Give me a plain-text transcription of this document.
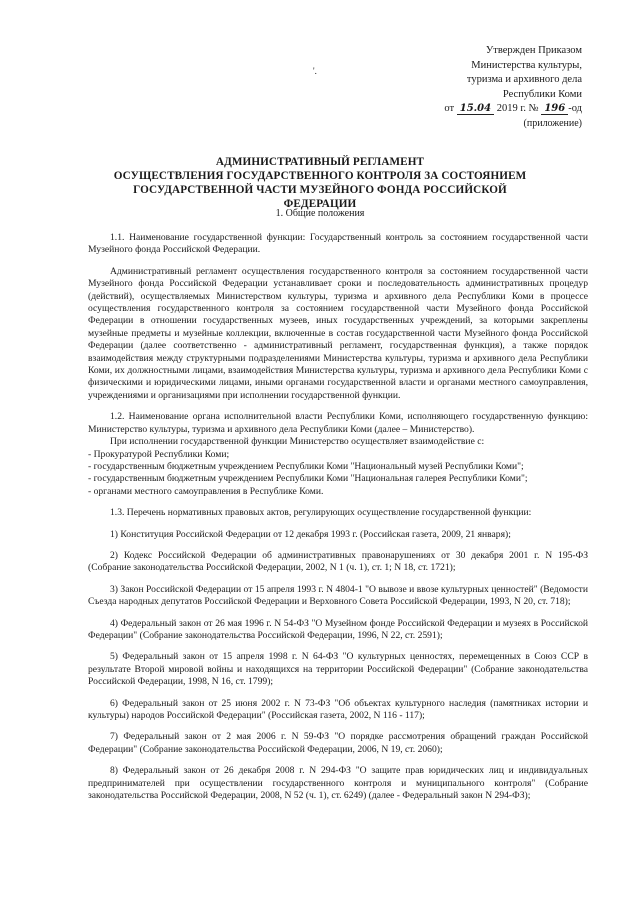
Утвержден Приказом
Министерства культуры,
туризма и архивного дела
Республики Коми
от 15.04 2019 г. № 196 -од
(приложение)
'.
АДМИНИСТРАТИВНЫЙ РЕГЛАМЕНТ
ОСУЩЕСТВЛЕНИЯ ГОСУДАРСТВЕННОГО КОНТРОЛЯ ЗА СОСТОЯНИЕМ
ГОСУДАРСТВЕННОЙ ЧАСТИ МУЗЕЙНОГО ФОНДА РОССИЙСКОЙ ФЕДЕРАЦИИ
1. Общие положения

1.1. Наименование государственной функции: Государственный контроль за состоянием государственной части Музейного фонда Российской Федерации.

Административный регламент осуществления государственного контроля за состоянием государственной части Музейного фонда Российской Федерации устанавливает сроки и последовательность административных процедур (действий), осуществляемых Министерством культуры, туризма и архивного дела Республики Коми в процессе осуществления государственного контроля за состоянием государственной части Музейного фонда Российской Федерации в отношении государственных музеев, иных государственных учреждений, за которыми закреплены музейные предметы и музейные коллекции, включенные в состав государственной части Музейного фонда Российской Федерации (далее соответственно - административный регламент, государственная функция), а также порядок взаимодействия между структурными подразделениями Министерства культуры, туризма и архивного дела Республики Коми, их должностными лицами, взаимодействия Министерства культуры, туризма и архивного дела Республики Коми с физическими и юридическими лицами, иными органами государственной власти и органами местного самоуправления, учреждениями и организациями при исполнении государственной функции.

1.2. Наименование органа исполнительной власти Республики Коми, исполняющего государственную функцию: Министерство культуры, туризма и архивного дела Республики Коми (далее – Министерство).

При исполнении государственной функции Министерство осуществляет взаимодействие с:

- Прокуратурой Республики Коми;

- государственным бюджетным учреждением Республики Коми "Национальный музей Республики Коми";

- государственным бюджетным учреждением Республики Коми "Национальная галерея Республики Коми";

- органами местного самоуправления в Республике Коми.

1.3. Перечень нормативных правовых актов, регулирующих осуществление государственной функции:

1) Конституция Российской Федерации от 12 декабря 1993 г. (Российская газета, 2009, 21 января);

2) Кодекс Российской Федерации об административных правонарушениях от 30 декабря 2001 г. N 195-ФЗ (Собрание законодательства Российской Федерации, 2002, N 1 (ч. 1), ст. 1; N 18, ст. 1721);

3) Закон Российской Федерации от 15 апреля 1993 г. N 4804-1 "О вывозе и ввозе культурных ценностей" (Ведомости Съезда народных депутатов Российской Федерации и Верховного Совета Российской Федерации, 1993, N 20, ст. 718);

4) Федеральный закон от 26 мая 1996 г. N 54-ФЗ "О Музейном фонде Российской Федерации и музеях в Российской Федерации" (Собрание законодательства Российской Федерации, 1996, N 22, ст. 2591);

5) Федеральный закон от 15 апреля 1998 г. N 64-ФЗ "О культурных ценностях, перемещенных в Союз ССР в результате Второй мировой войны и находящихся на территории Российской Федерации" (Собрание законодательства Российской Федерации, 1998, N 16, ст. 1799);

6) Федеральный закон от 25 июня 2002 г. N 73-ФЗ "Об объектах культурного наследия (памятниках истории и культуры) народов Российской Федерации" (Российская газета, 2002, N 116 - 117);

7) Федеральный закон от 2 мая 2006 г. N 59-ФЗ "О порядке рассмотрения обращений граждан Российской Федерации" (Собрание законодательства Российской Федерации, 2006, N 19, ст. 2060);

8) Федеральный закон от 26 декабря 2008 г. N 294-ФЗ "О защите прав юридических лиц и индивидуальных предпринимателей при осуществлении государственного контроля и муниципального контроля" (Собрание законодательства Российской Федерации, 2008, N 52 (ч. 1), ст. 6249) (далее - Федеральный закон N 294-ФЗ);
